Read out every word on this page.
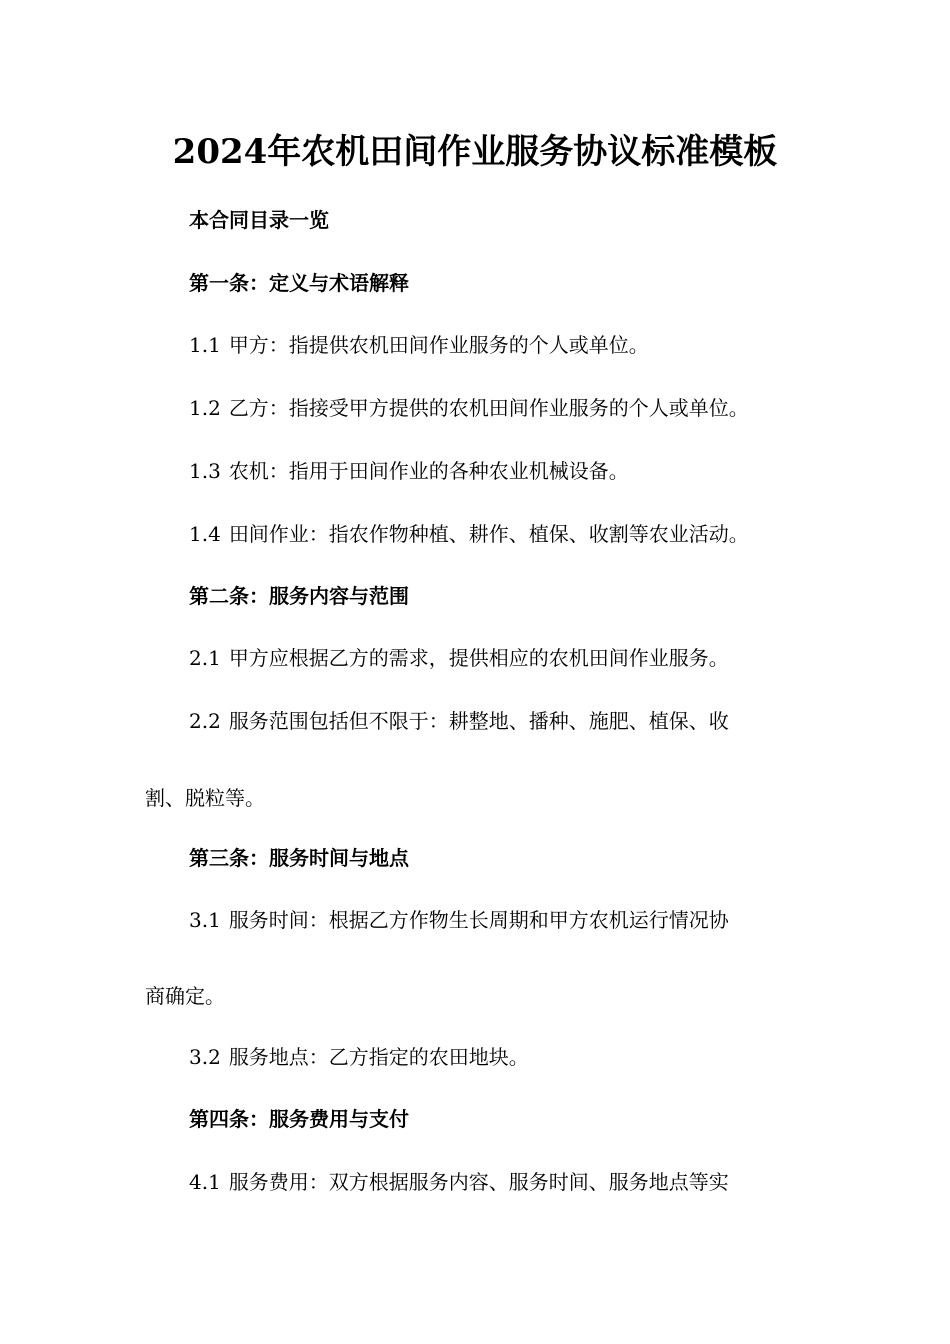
2024年农机田间作业服务协议标准模板
本合同目录一览
第一条：定义与术语解释
1.1 甲方：指提供农机田间作业服务的个人或单位。
1.2 乙方：指接受甲方提供的农机田间作业服务的个人或单位。
1.3 农机：指用于田间作业的各种农业机械设备。
1.4 田间作业：指农作物种植、耕作、植保、收割等农业活动。
第二条：服务内容与范围
2.1 甲方应根据乙方的需求，提供相应的农机田间作业服务。
2.2 服务范围包括但不限于：耕整地、播种、施肥、植保、收
割、脱粒等。
第三条：服务时间与地点
3.1 服务时间：根据乙方作物生长周期和甲方农机运行情况协
商确定。
3.2 服务地点：乙方指定的农田地块。
第四条：服务费用与支付
4.1 服务费用：双方根据服务内容、服务时间、服务地点等实
